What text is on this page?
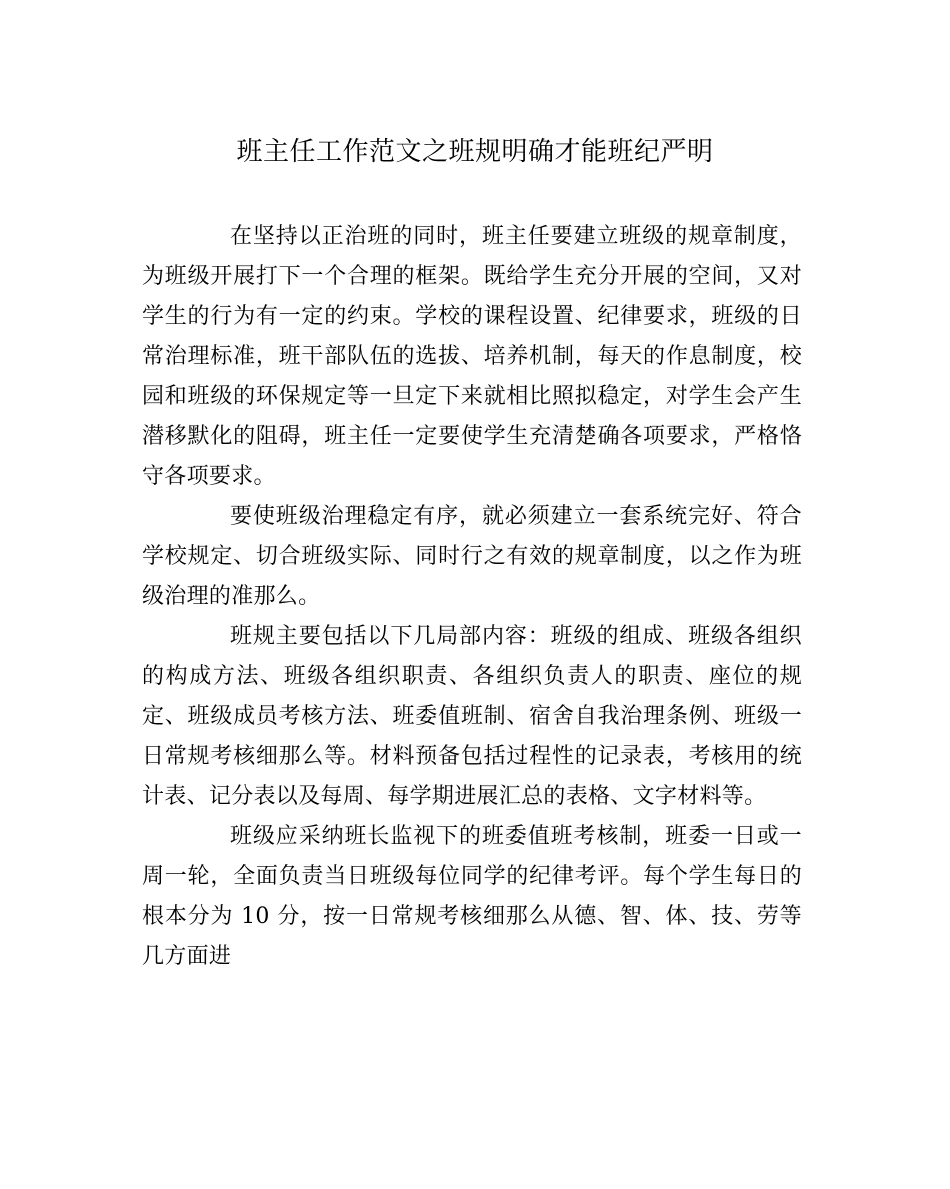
班主任工作范文之班规明确才能班纪严明

在坚持以正治班的同时，班主任要建立班级的规章制度，为班级开展打下一个合理的框架。既给学生充分开展的空间，又对学生的行为有一定的约束。学校的课程设置、纪律要求，班级的日常治理标准，班干部队伍的选拔、培养机制，每天的作息制度，校园和班级的环保规定等一旦定下来就相比照拟稳定，对学生会产生潜移默化的阻碍，班主任一定要使学生充清楚确各项要求，严格恪守各项要求。

要使班级治理稳定有序，就必须建立一套系统完好、符合学校规定、切合班级实际、同时行之有效的规章制度，以之作为班级治理的准那么。

班规主要包括以下几局部内容：班级的组成、班级各组织的构成方法、班级各组织职责、各组织负责人的职责、座位的规定、班级成员考核方法、班委值班制、宿舍自我治理条例、班级一日常规考核细那么等。材料预备包括过程性的记录表，考核用的统计表、记分表以及每周、每学期进展汇总的表格、文字材料等。

班级应采纳班长监视下的班委值班考核制，班委一日或一周一轮，全面负责当日班级每位同学的纪律考评。每个学生每日的根本分为 10 分，按一日常规考核细那么从德、智、体、技、劳等几方面进
